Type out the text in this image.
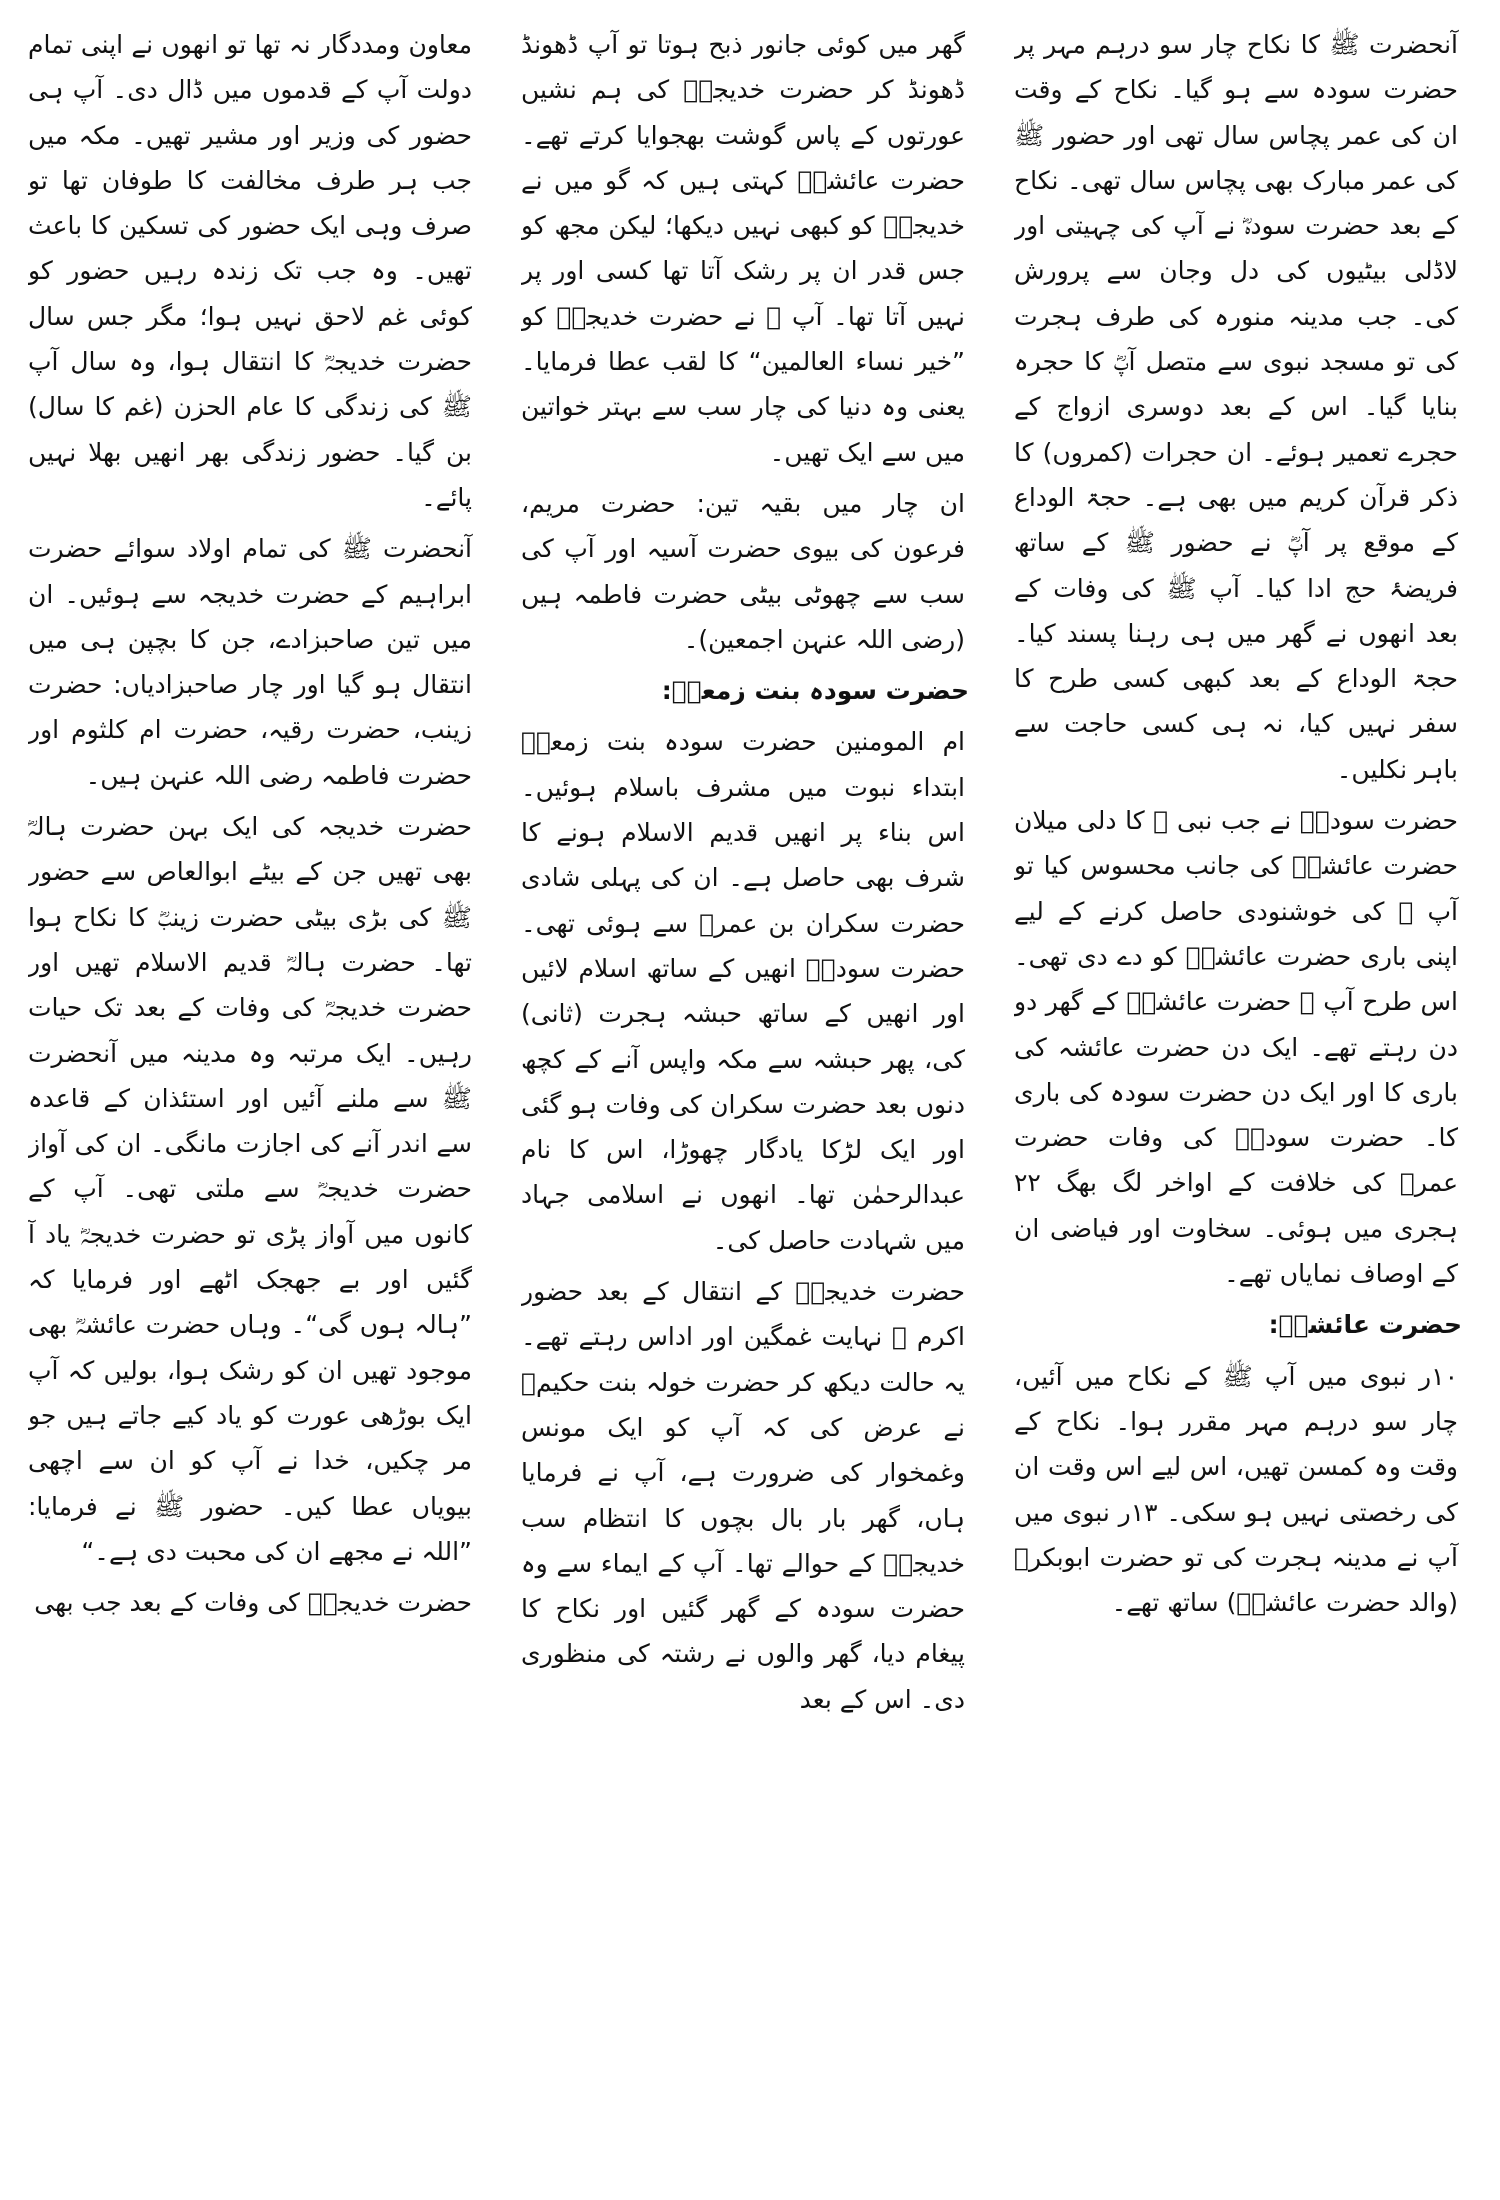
معاون ومددگار نہ تھا تو انھوں نے اپنی تمام دولت آپ کے قدموں میں ڈال دی۔ آپ ہی حضور کی وزیر اور مشیر تھیں۔ مکہ میں جب ہر طرف مخالفت کا طوفان تھا تو صرف وہی ایک حضور کی تسکین کا باعث تھیں۔ وہ جب تک زندہ رہیں حضور کو کوئی غم لاحق نہیں ہوا؛ مگر جس سال حضرت خدیجہؓ کا انتقال ہوا، وہ سال آپ ﷺ کی زندگی کا عام الحزن (غم کا سال) بن گیا۔ حضور زندگی بھر انھیں بھلا نہیں پائے۔

آنحضرت ﷺ کی تمام اولاد سوائے حضرت ابراہیم کے حضرت خدیجہ سے ہوئیں۔ ان میں تین صاحبزادے، جن کا بچپن ہی میں انتقال ہو گیا اور چار صاحبزادیاں: حضرت زینب، حضرت رقیہ، حضرت ام کلثوم اور حضرت فاطمہ رضی اللہ عنہن ہیں۔

حضرت خدیجہ کی ایک بہن حضرت ہالہؓ بھی تھیں جن کے بیٹے ابوالعاص سے حضور ﷺ کی بڑی بیٹی حضرت زینبؓ کا نکاح ہوا تھا۔ حضرت ہالہؓ قدیم الاسلام تھیں اور حضرت خدیجہؓ کی وفات کے بعد تک حیات رہیں۔ ایک مرتبہ وہ مدینہ میں آنحضرت ﷺ سے ملنے آئیں اور استئذان کے قاعدہ سے اندر آنے کی اجازت مانگی۔ ان کی آواز حضرت خدیجہؓ سے ملتی تھی۔ آپ کے کانوں میں آواز پڑی تو حضرت خدیجہؓ یاد آ گئیں اور بے جھجک اٹھے اور فرمایا کہ ”ہالہ ہوں گی“۔ وہاں حضرت عائشہؓ بھی موجود تھیں ان کو رشک ہوا، بولیں کہ آپ ایک بوڑھی عورت کو یاد کیے جاتے ہیں جو مر چکیں، خدا نے آپ کو ان سے اچھی بیویاں عطا کیں۔ حضور ﷺ نے فرمایا: ”اللہ نے مجھے ان کی محبت دی ہے۔“

حضرت خدیجہؓ کی وفات کے بعد جب بھی

گھر میں کوئی جانور ذبح ہوتا تو آپ ڈھونڈ ڈھونڈ کر حضرت خدیجہؓ کی ہم نشیں عورتوں کے پاس گوشت بھجوایا کرتے تھے۔ حضرت عائشہؓ کہتی ہیں کہ گو میں نے خدیجہؓ کو کبھی نہیں دیکھا؛ لیکن مجھ کو جس قدر ان پر رشک آتا تھا کسی اور پر نہیں آتا تھا۔ آپ ﷺ نے حضرت خدیجہؓ کو ”خیر نساء العالمین“ کا لقب عطا فرمایا۔ یعنی وہ دنیا کی چار سب سے بہتر خواتین میں سے ایک تھیں۔

ان چار میں بقیہ تین: حضرت مریم، فرعون کی بیوی حضرت آسیہ اور آپ کی سب سے چھوٹی بیٹی حضرت فاطمہ ہیں (رضی اللہ عنہن اجمعین)۔

حضرت سودہ بنت زمعہؓ:

ام المومنین حضرت سودہ بنت زمعہؓ ابتداء نبوت میں مشرف باسلام ہوئیں۔ اس بناء پر انھیں قدیم الاسلام ہونے کا شرف بھی حاصل ہے۔ ان کی پہلی شادی حضرت سکران بن عمرؓ سے ہوئی تھی۔ حضرت سودہؓ انھیں کے ساتھ اسلام لائیں اور انھیں کے ساتھ حبشہ ہجرت (ثانی) کی، پھر حبشہ سے مکہ واپس آنے کے کچھ دنوں بعد حضرت سکران کی وفات ہو گئی اور ایک لڑکا یادگار چھوڑا، اس کا نام عبدالرحمٰن تھا۔ انھوں نے اسلامی جہاد میں شہادت حاصل کی۔

حضرت خدیجہؓ کے انتقال کے بعد حضور اکرم ﷺ نہایت غمگین اور اداس رہتے تھے۔ یہ حالت دیکھ کر حضرت خولہ بنت حکیمؓ نے عرض کی کہ آپ کو ایک مونس وغمخوار کی ضرورت ہے، آپ نے فرمایا ہاں، گھر بار بال بچوں کا انتظام سب خدیجہؓ کے حوالے تھا۔ آپ کے ایماء سے وہ حضرت سودہ کے گھر گئیں اور نکاح کا پیغام دیا، گھر والوں نے رشتہ کی منظوری دی۔ اس کے بعد

آنحضرت ﷺ کا نکاح چار سو درہم مہر پر حضرت سودہ سے ہو گیا۔ نکاح کے وقت ان کی عمر پچاس سال تھی اور حضور ﷺ کی عمر مبارک بھی پچاس سال تھی۔ نکاح کے بعد حضرت سودہؓ نے آپ کی چہیتی اور لاڈلی بیٹیوں کی دل وجان سے پرورش کی۔ جب مدینہ منورہ کی طرف ہجرت کی تو مسجد نبوی سے متصل آپؓ کا حجرہ بنایا گیا۔ اس کے بعد دوسری ازواج کے حجرے تعمیر ہوئے۔ ان حجرات (کمروں) کا ذکر قرآن کریم میں بھی ہے۔ حجۃ الوداع کے موقع پر آپؓ نے حضور ﷺ کے ساتھ فریضۂ حج ادا کیا۔ آپ ﷺ کی وفات کے بعد انھوں نے گھر میں ہی رہنا پسند کیا۔ حجۃ الوداع کے بعد کبھی کسی طرح کا سفر نہیں کیا، نہ ہی کسی حاجت سے باہر نکلیں۔

حضرت سودہؓ نے جب نبی ﷺ کا دلی میلان حضرت عائشہؓ کی جانب محسوس کیا تو آپ ﷺ کی خوشنودی حاصل کرنے کے لیے اپنی باری حضرت عائشہؓ کو دے دی تھی۔ اس طرح آپ ﷺ حضرت عائشہؓ کے گھر دو دن رہتے تھے۔ ایک دن حضرت عائشہ کی باری کا اور ایک دن حضرت سودہ کی باری کا۔ حضرت سودہؓ کی وفات حضرت عمرؓ کی خلافت کے اواخر لگ بھگ ۲۲ ہجری میں ہوئی۔ سخاوت اور فیاضی ان کے اوصاف نمایاں تھے۔

حضرت عائشہؓ:

۱۰ر نبوی میں آپ ﷺ کے نکاح میں آئیں، چار سو درہم مہر مقرر ہوا۔ نکاح کے وقت وہ کمسن تھیں، اس لیے اس وقت ان کی رخصتی نہیں ہو سکی۔ ۱۳ر نبوی میں آپ نے مدینہ ہجرت کی تو حضرت ابوبکرؓ (والد حضرت عائشہؓ) ساتھ تھے۔
